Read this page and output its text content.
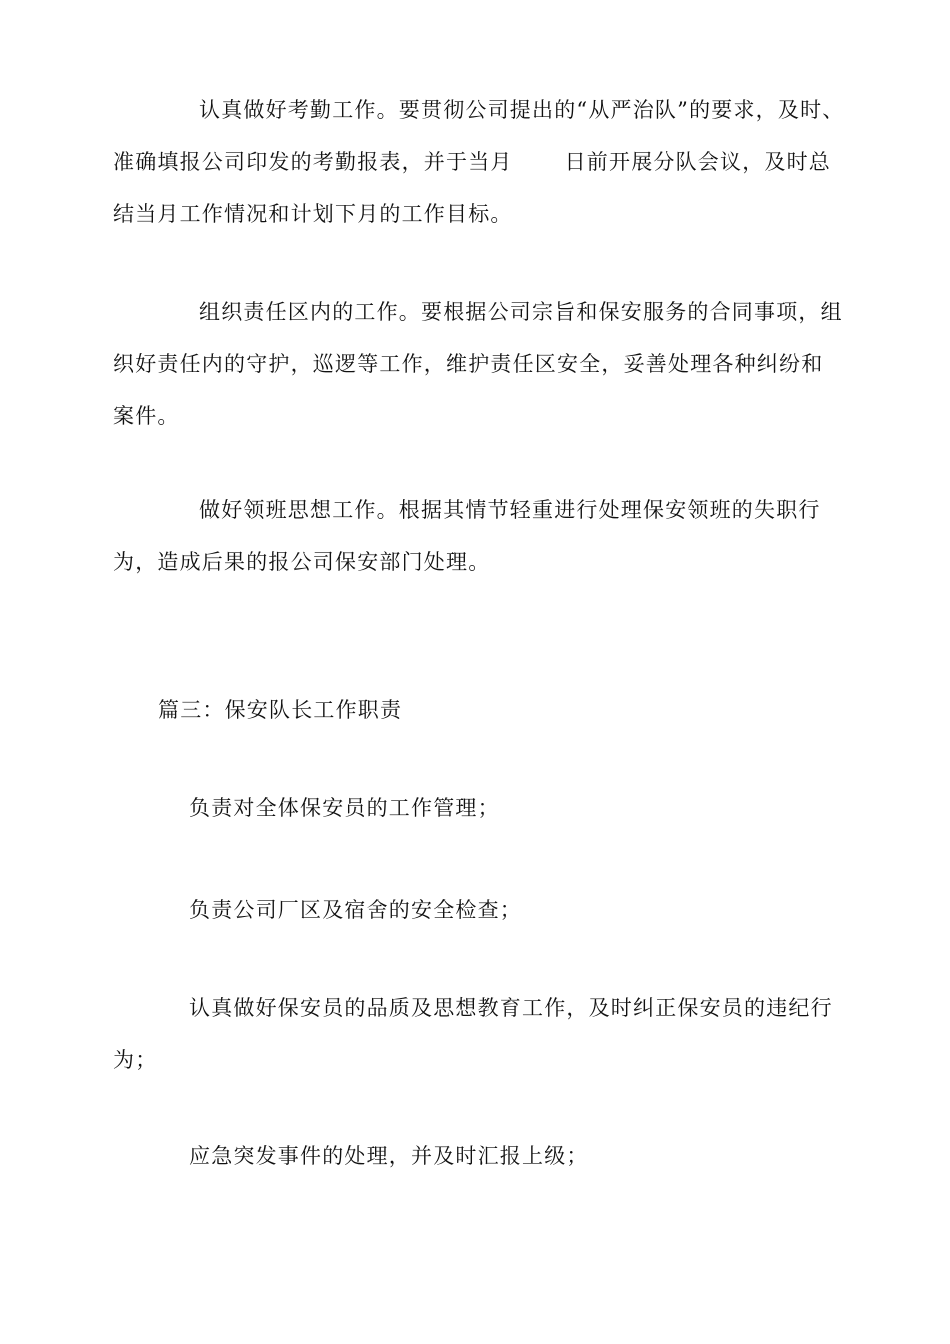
认真做好考勤工作。要贯彻公司提出的“从严治队”的要求，及时、
准确填报公司印发的考勤报表，并于当月 日前开展分队会议，及时总
结当月工作情况和计划下月的工作目标。
组织责任区内的工作。要根据公司宗旨和保安服务的合同事项，组
织好责任内的守护，巡逻等工作，维护责任区安全，妥善处理各种纠纷和
案件。
做好领班思想工作。根据其情节轻重进行处理保安领班的失职行
为，造成后果的报公司保安部门处理。
篇三：保安队长工作职责
负责对全体保安员的工作管理；
负责公司厂区及宿舍的安全检查；
认真做好保安员的品质及思想教育工作，及时纠正保安员的违纪行
为；
应急突发事件的处理，并及时汇报上级；
